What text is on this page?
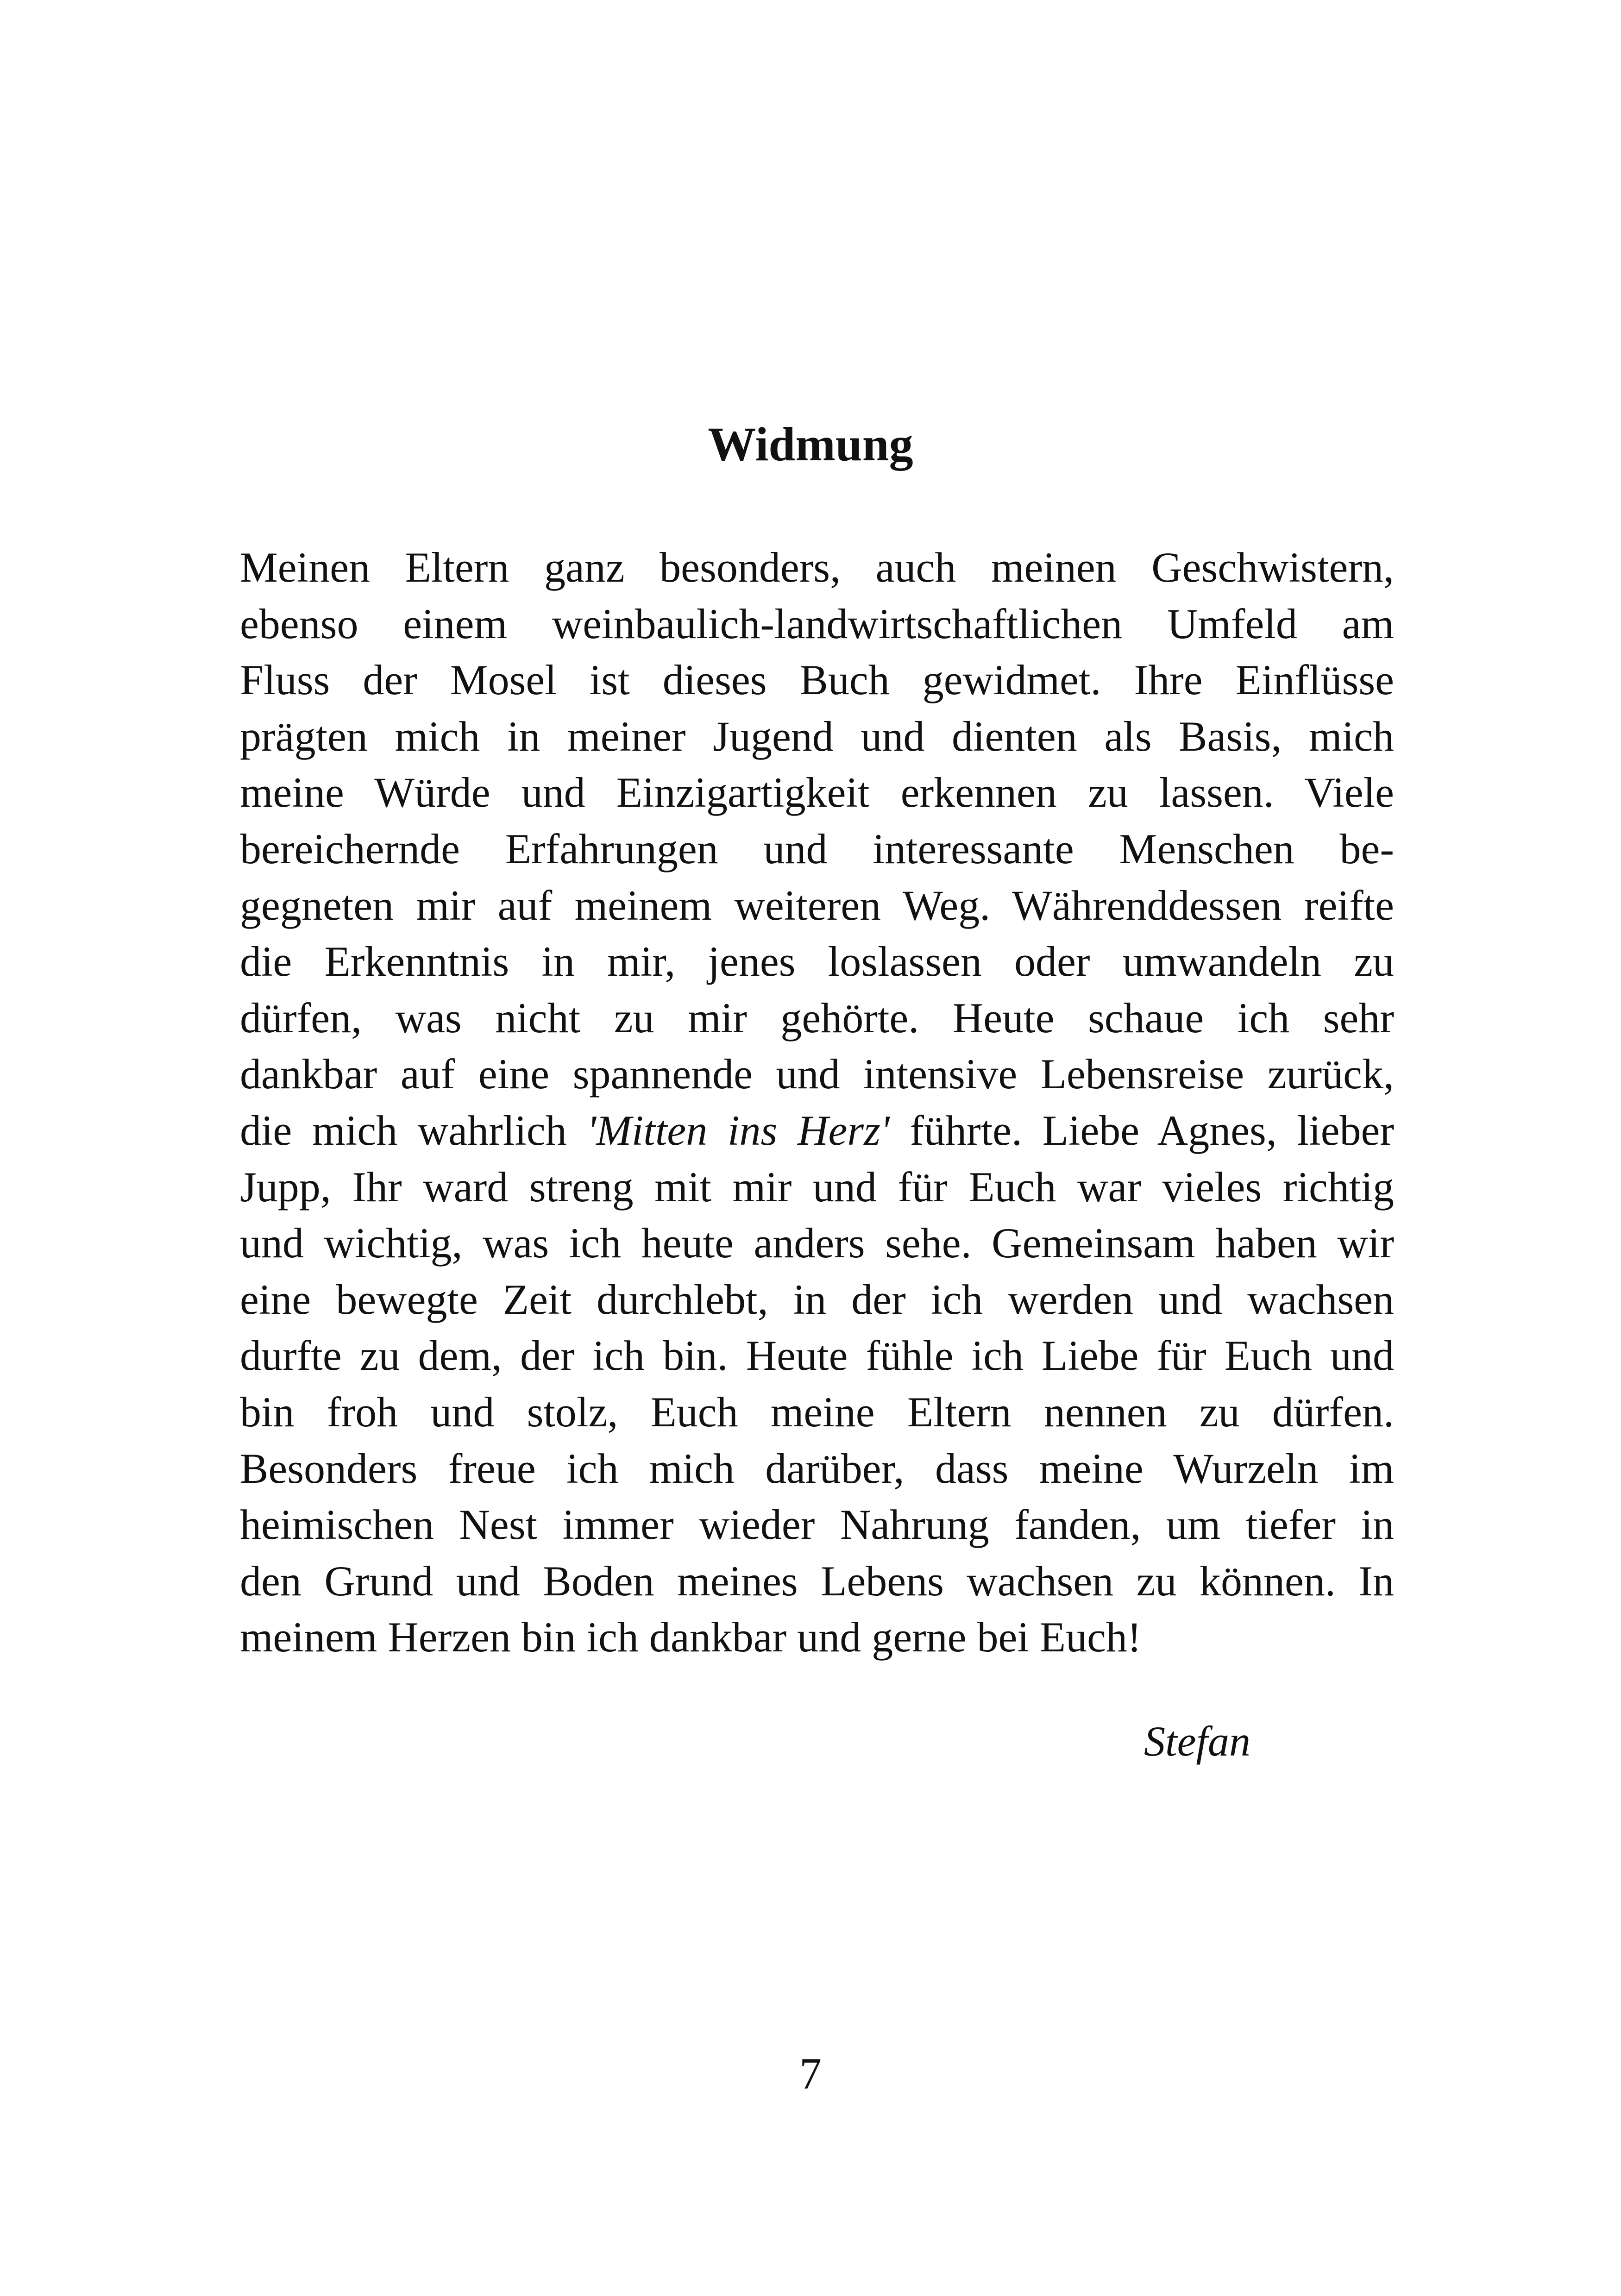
Widmung
Meinen Eltern ganz besonders, auch meinen Geschwistern,
ebenso einem weinbaulich-landwirtschaftlichen Umfeld am
Fluss der Mosel ist dieses Buch gewidmet. Ihre Einflüsse
prägten mich in meiner Jugend und dienten als Basis, mich
meine Würde und Einzigartigkeit erkennen zu lassen. Viele
bereichernde Erfahrungen und interessante Menschen be-
gegneten mir auf meinem weiteren Weg. Währenddessen reifte
die Erkenntnis in mir, jenes loslassen oder umwandeln zu
dürfen, was nicht zu mir gehörte. Heute schaue ich sehr
dankbar auf eine spannende und intensive Lebensreise zurück,
die mich wahrlich 'Mitten ins Herz' führte. Liebe Agnes, lieber
Jupp, Ihr ward streng mit mir und für Euch war vieles richtig
und wichtig, was ich heute anders sehe. Gemeinsam haben wir
eine bewegte Zeit durchlebt, in der ich werden und wachsen
durfte zu dem, der ich bin. Heute fühle ich Liebe für Euch und
bin froh und stolz, Euch meine Eltern nennen zu dürfen.
Besonders freue ich mich darüber, dass meine Wurzeln im
heimischen Nest immer wieder Nahrung fanden, um tiefer in
den Grund und Boden meines Lebens wachsen zu können. In
meinem Herzen bin ich dankbar und gerne bei Euch!
Stefan
7
